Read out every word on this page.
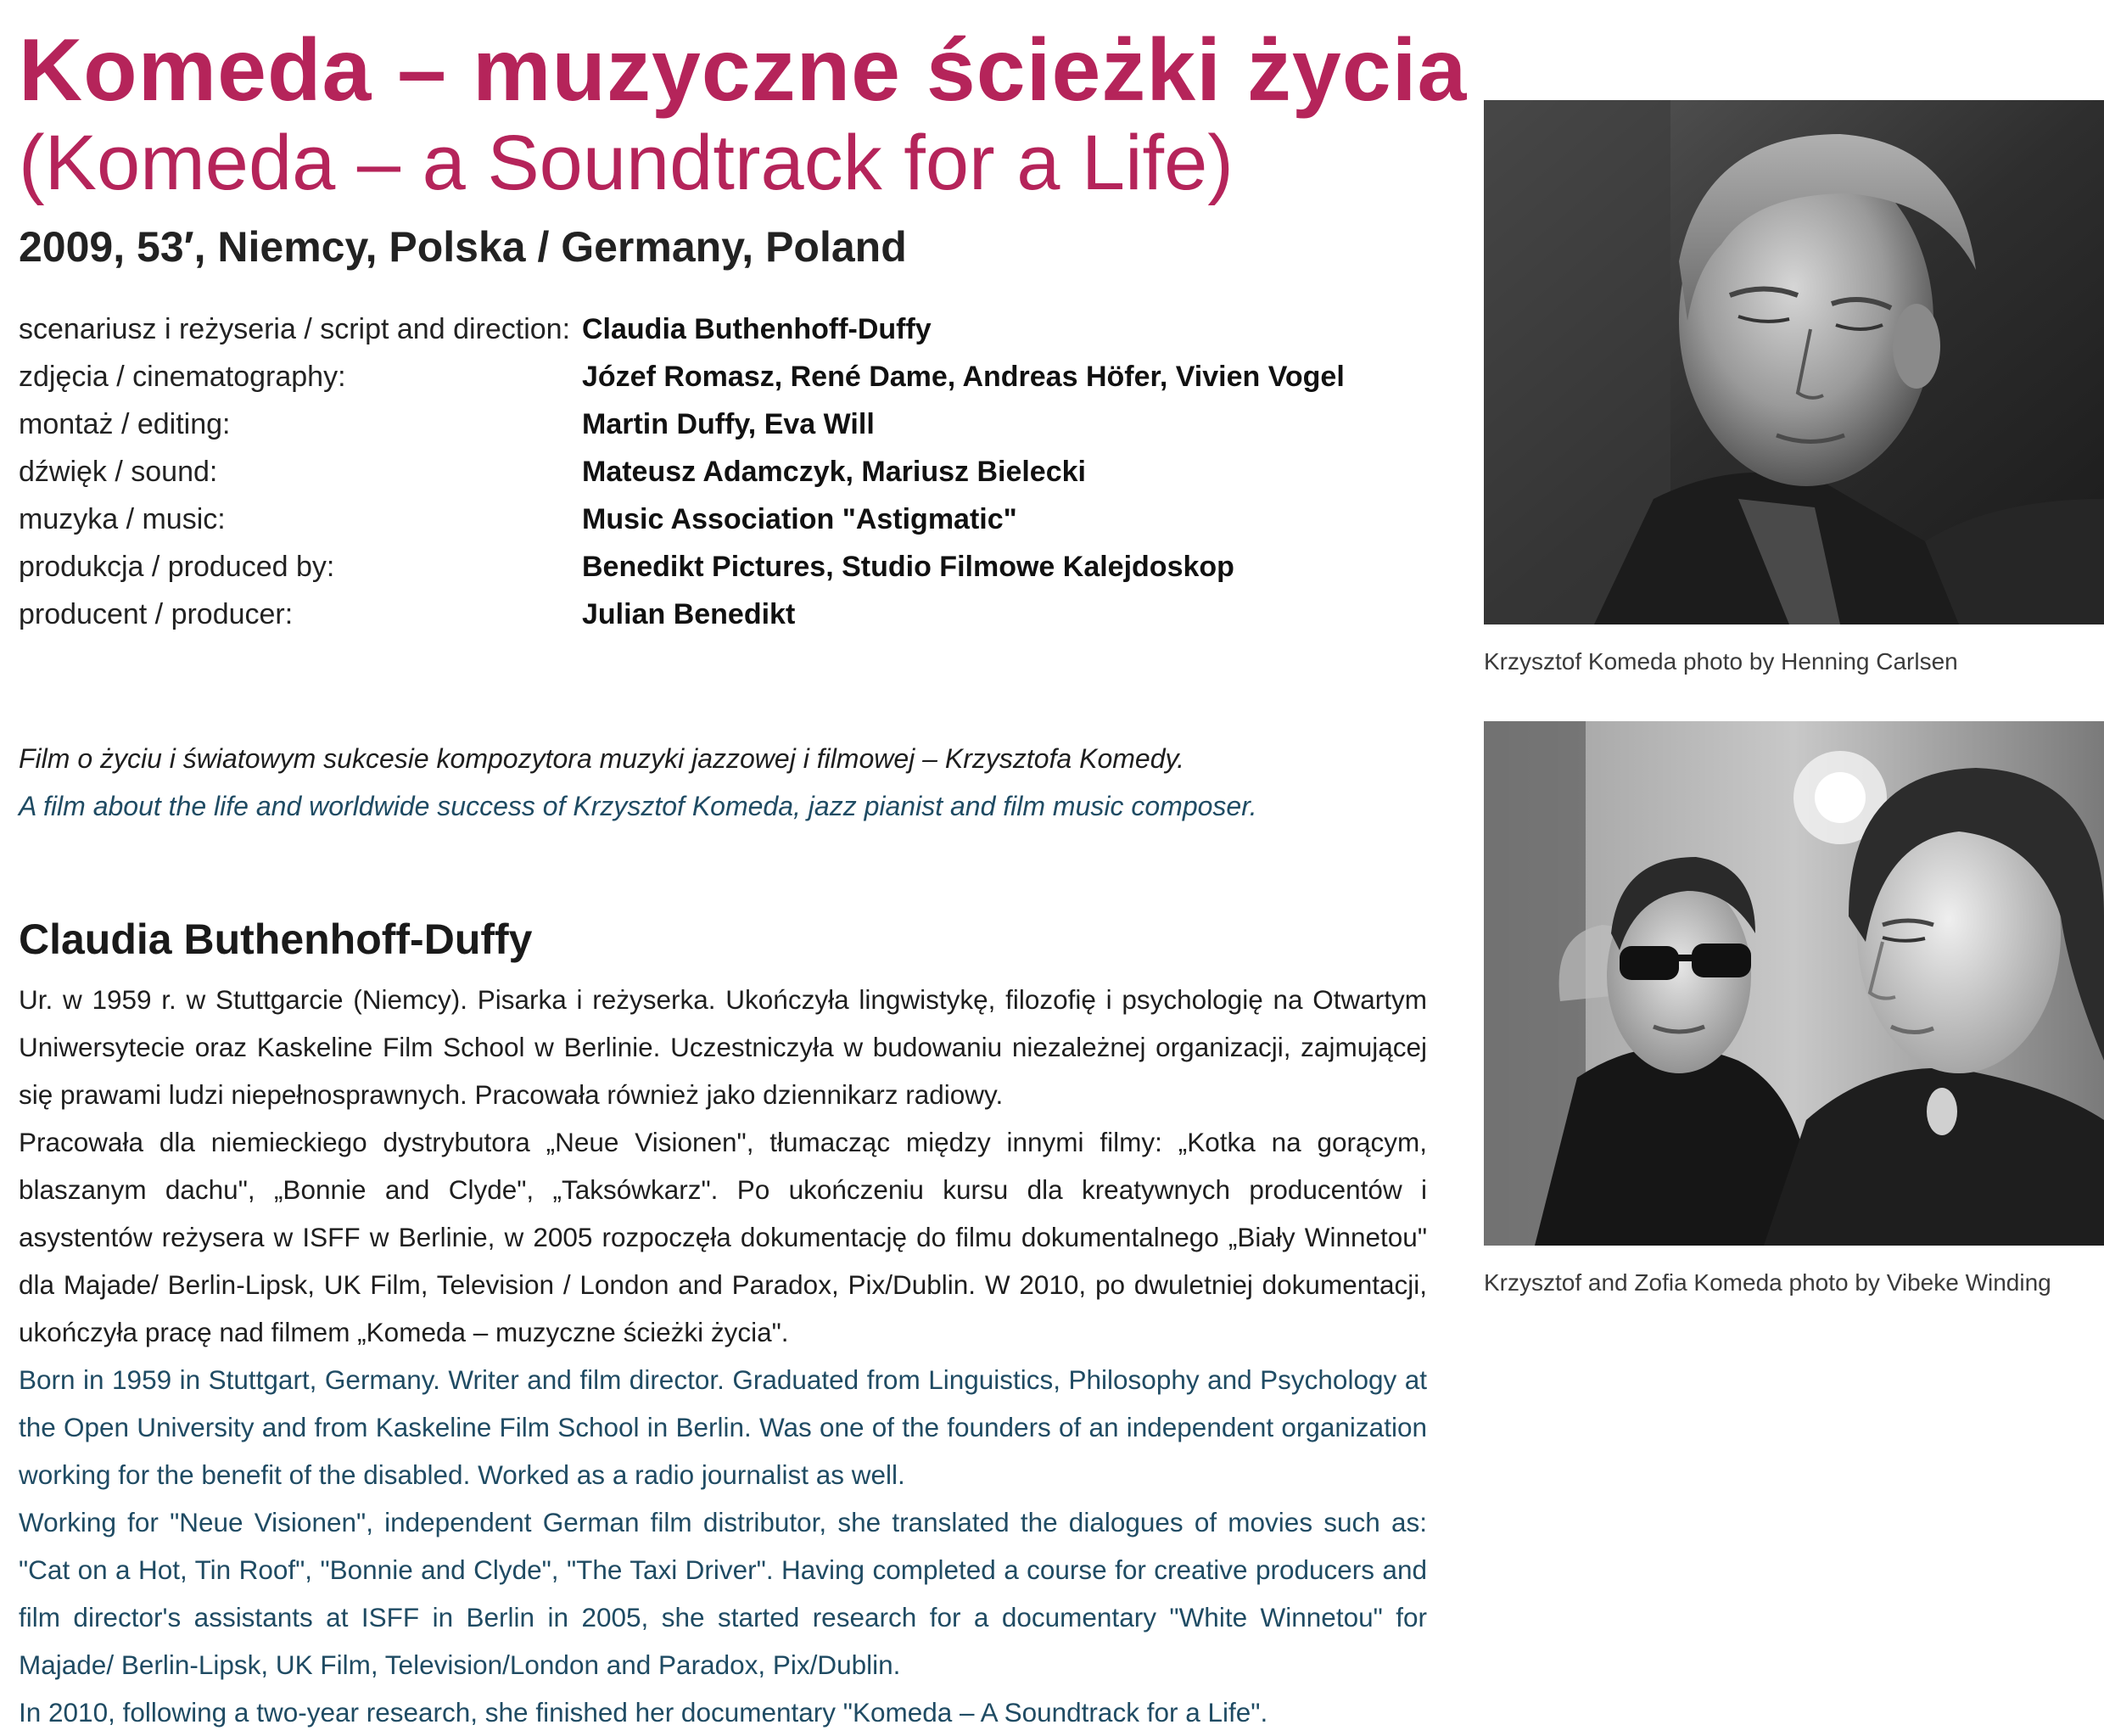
Komeda – muzyczne ścieżki życia
(Komeda – a Soundtrack for a Life)
2009, 53′, Niemcy, Polska / Germany, Poland
scenariusz i reżyseria / script and direction: Claudia Buthenhoff-Duffy
zdjęcia / cinematography:	Józef Romasz, René Dame, Andreas Höfer, Vivien Vogel
montaż / editing:	Martin Duffy, Eva Will
dźwięk / sound:	Mateusz Adamczyk, Mariusz Bielecki
muzyka / music:	Music Association "Astigmatic"
produkcja / produced by:	Benedikt Pictures, Studio Filmowe Kalejdoskop
producent / producer:	Julian Benedikt
Film o życiu i światowym sukcesie kompozytora muzyki jazzowej i filmowej – Krzysztofa Komedy.
A film about the life and worldwide success of Krzysztof Komeda, jazz pianist and film music composer.
Claudia Buthenhoff-Duffy

Ur. w 1959 r. w Stuttgarcie (Niemcy). Pisarka i reżyserka. Ukończyła lingwistykę, filozofię i psychologię na Otwartym Uniwersytecie oraz Kaskeline Film School w Berlinie. Uczestniczyła w budowaniu niezależnej organizacji, zajmującej się prawami ludzi niepełnosprawnych. Pracowała również jako dziennikarz radiowy.

Pracowała dla niemieckiego dystrybutora „Neue Visionen", tłumacząc między innymi filmy: „Kotka na gorącym, blaszanym dachu", „Bonnie and Clyde", „Taksówkarz". Po ukończeniu kursu dla kreatywnych producentów i asystentów reżysera w ISFF w Berlinie, w 2005 rozpoczęła dokumentację do filmu dokumentalnego „Biały Winnetou" dla Majade/ Berlin-Lipsk, UK Film, Television / London and Paradox, Pix/Dublin. W 2010, po dwuletniej dokumentacji, ukończyła pracę nad filmem „Komeda – muzyczne ścieżki życia".

Born in 1959 in Stuttgart, Germany. Writer and film director. Graduated from Linguistics, Philosophy and Psychology at the Open University and from Kaskeline Film School in Berlin. Was one of the founders of an independent organization working for the benefit of the disabled. Worked as a radio journalist as well.

Working for "Neue Visionen", independent German film distributor, she translated the dialogues of movies such as: "Cat on a Hot, Tin Roof", "Bonnie and Clyde", "The Taxi Driver". Having completed a course for creative producers and film director's assistants at ISFF in Berlin in 2005, she started research for a documentary "White Winnetou" for Majade/ Berlin-Lipsk, UK Film, Television/London and Paradox, Pix/Dublin.

In 2010, following a two-year research, she finished her documentary "Komeda – A Soundtrack for a Life".

Krzysztof Komeda photo by Henning Carlsen
Krzysztof and Zofia Komeda photo by Vibeke Winding
